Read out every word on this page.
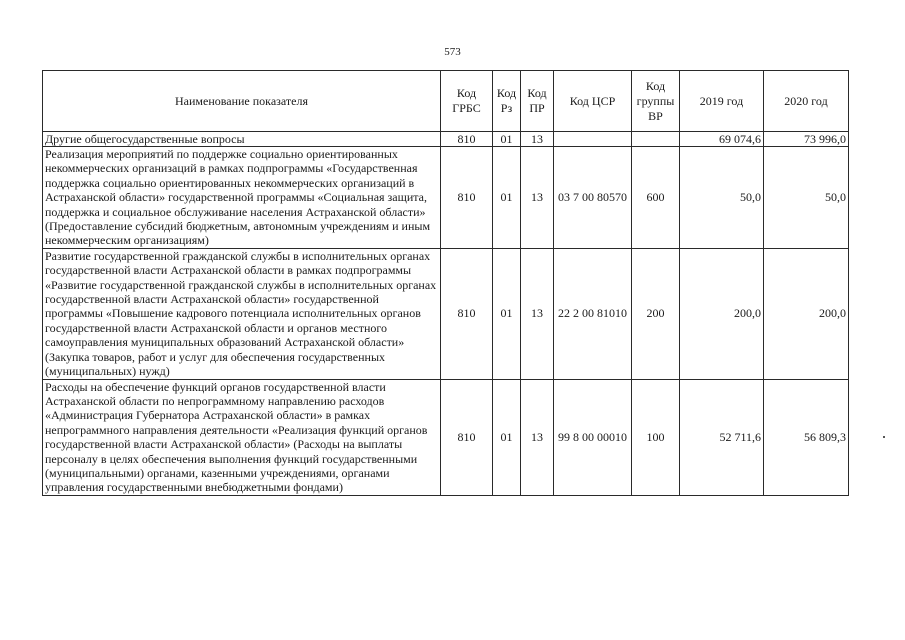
573
Наименование показателя	Код ГРБС	Код Рз	Код ПР	Код ЦСР	Код группы ВР	2019 год	2020 год
Другие общегосударственные вопросы	810	01	13			69 074,6	73 996,0
Реализация мероприятий по поддержке социально ориентированных некоммерческих организаций в рамках подпрограммы «Государственная поддержка социально ориентированных некоммерческих организаций в Астраханской области» государственной программы «Социальная защита, поддержка и социальное обслуживание населения Астраханской области» (Предоставление субсидий бюджетным, автономным учреждениям и иным некоммерческим организациям)	810	01	13	03 7 00 80570	600	50,0	50,0
Развитие государственной гражданской службы в исполнительных органах государственной власти Астраханской области в рамках подпрограммы «Развитие государственной гражданской службы в исполнительных органах государственной власти Астраханской области» государственной программы «Повышение кадрового потенциала исполнительных органов государственной власти Астраханской области и органов местного самоуправления муниципальных образований Астраханской области» (Закупка товаров, работ и услуг для обеспечения государственных (муниципальных) нужд)	810	01	13	22 2 00 81010	200	200,0	200,0
Расходы на обеспечение функций органов государственной власти Астраханской области по непрограммному направлению расходов «Администрация Губернатора Астраханской области» в рамках непрограммного направления деятельности «Реализация функций органов государственной власти Астраханской области» (Расходы на выплаты персоналу в целях обеспечения выполнения функций государственными (муниципальными) органами, казенными учреждениями, органами управления государственными внебюджетными фондами)	810	01	13	99 8 00 00010	100	52 711,6	56 809,3
